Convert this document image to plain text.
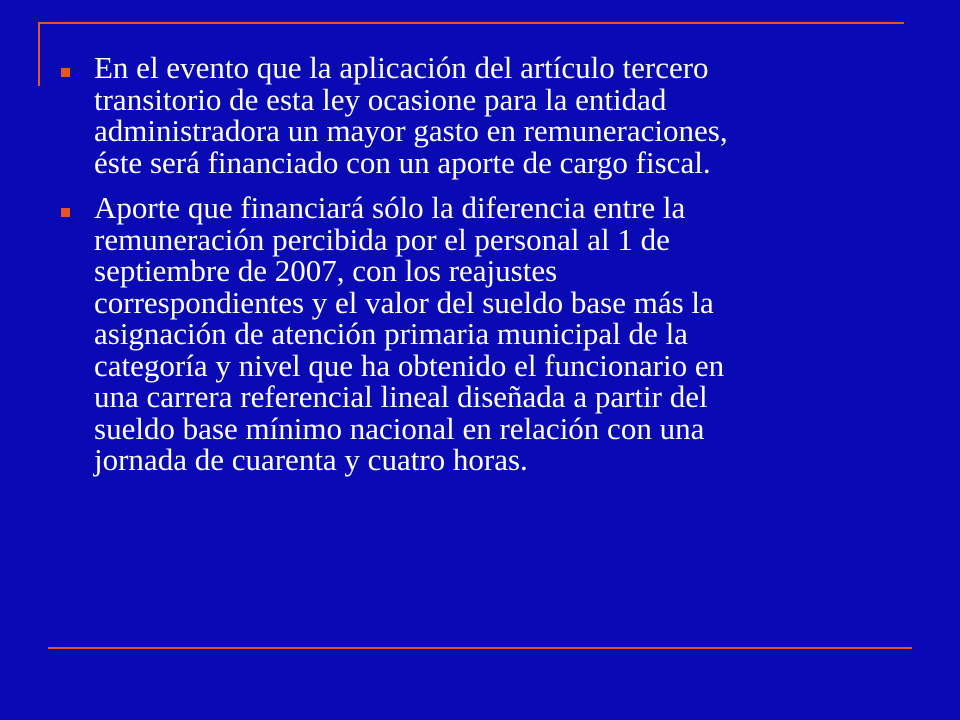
En el evento que la aplicación del artículo tercero
transitorio de esta ley ocasione para la entidad
administradora un mayor gasto en remuneraciones,
éste será financiado con un aporte de cargo fiscal.
Aporte que financiará sólo la diferencia entre la
remuneración percibida por el personal al 1 de
septiembre de 2007, con los reajustes
correspondientes y el valor del sueldo base más la
asignación de atención primaria municipal de la
categoría y nivel que ha obtenido el funcionario en
una carrera referencial lineal diseñada a partir del
sueldo base mínimo nacional en relación con una
jornada de cuarenta y cuatro horas.
